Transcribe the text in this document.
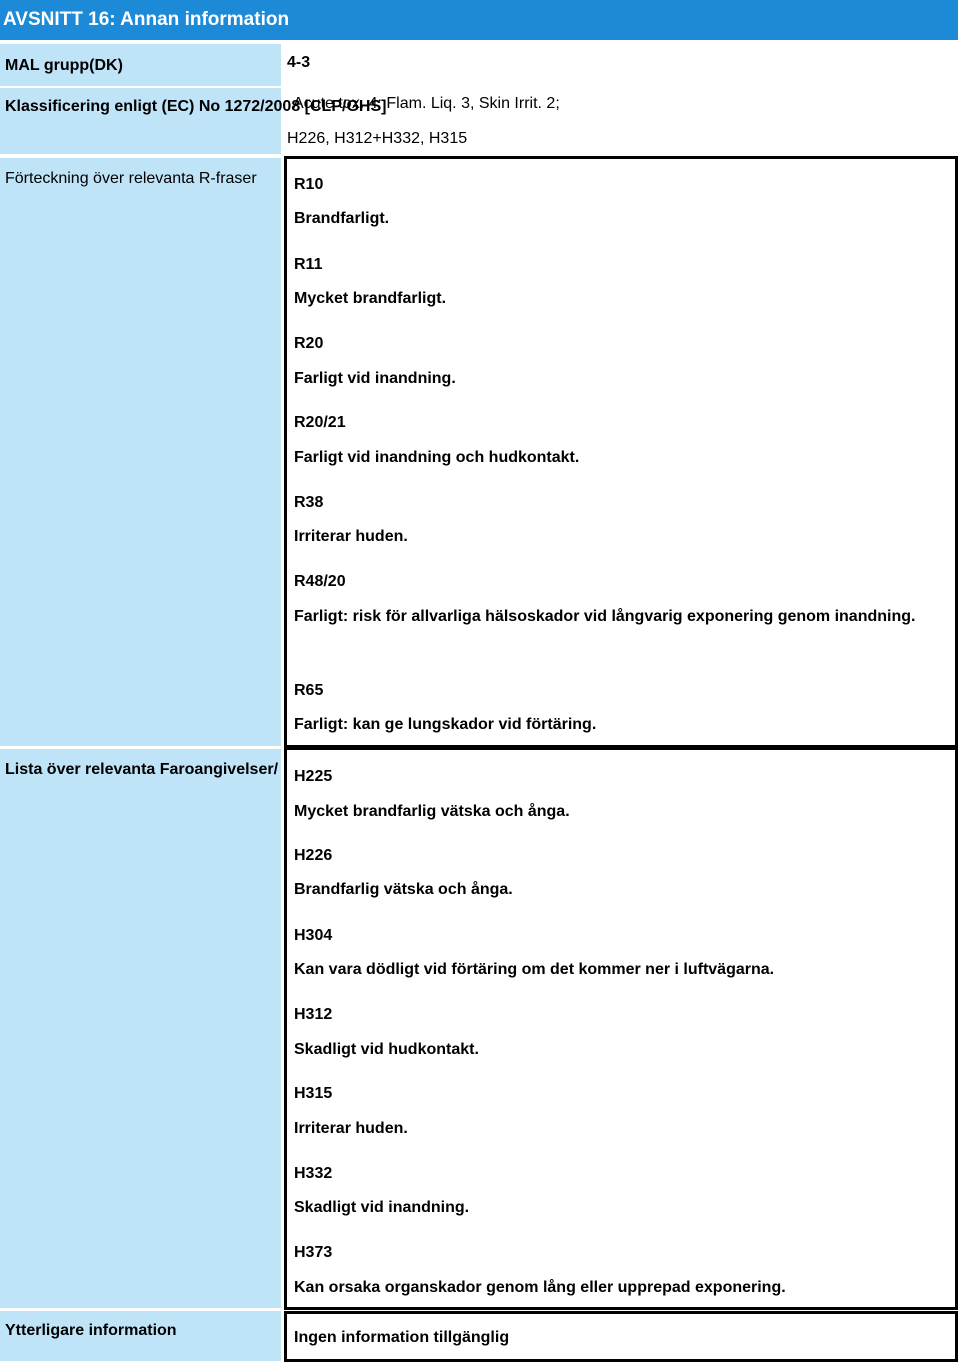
AVSNITT 16: Annan information
MAL grupp(DK)	4-3
Klassificering enligt (EC) No 1272/2008 [CLP/GHS]
Acute tox. 4; Flam. Liq. 3, Skin Irrit. 2;
H226, H312+H332, H315
Förteckning över relevanta R-fraser R10
Brandfarligt.
R11
Mycket brandfarligt.
R20
Farligt vid inandning.
R20/21
Farligt vid inandning och hudkontakt.
R38
Irriterar huden.
R48/20
Farligt: risk för allvarliga hälsoskador vid långvarig exponering genom inandning.
R65
Farligt: kan ge lungskador vid förtäring.
Lista över relevanta Faroangivelser/ H225
Mycket brandfarlig vätska och ånga.
H226
Brandfarlig vätska och ånga.
H304
Kan vara dödligt vid förtäring om det kommer ner i luftvägarna.
H312
Skadligt vid hudkontakt.
H315
Irriterar huden.
H332
Skadligt vid inandning.
H373
Kan orsaka organskador genom lång eller upprepad exponering.
Ytterligare information	Ingen information tillgänglig
